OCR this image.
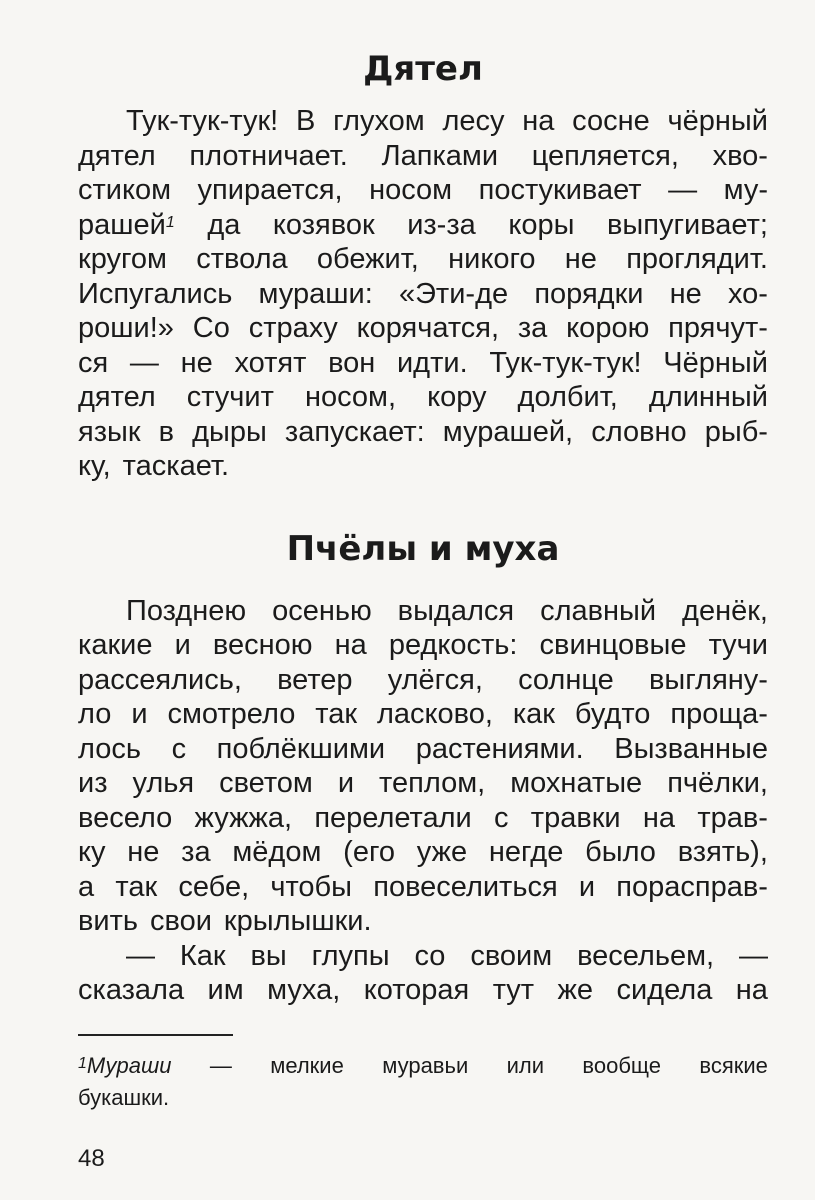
Дятел
Тук-тук-тук! В глухом лесу на сосне чёрный
дятел плотничает. Лапками цепляется, хво-
стиком упирается, носом постукивает — му-
рашей$^1$ да козявок из-за коры выпугивает;
кругом ствола обежит, никого не проглядит.
Испугались мураши: «Эти-де порядки не хо-
роши!» Со страху корячатся, за корою прячут-
ся — не хотят вон идти. Тук-тук-тук! Чёрный
дятел стучит носом, кору долбит, длинный
язык в дыры запускает: мурашей, словно рыб-
ку, таскает.
Пчёлы и муха
Позднею осенью выдался славный денёк,
какие и весною на редкость: свинцовые тучи
рассеялись, ветер улёгся, солнце выгляну-
ло и смотрело так ласково, как будто проща-
лось с поблёкшими растениями. Вызванные
из улья светом и теплом, мохнатые пчёлки,
весело жужжа, перелетали с травки на трав-
ку не за мёдом (его уже негде было взять),
а так себе, чтобы повеселиться и порасправ-
вить свои крылышки.
— Как вы глупы со своим весельем, —
сказала им муха, которая тут же сидела на
$^1$Мураши — мелкие муравьи или вообще всякие
букашки.
48
